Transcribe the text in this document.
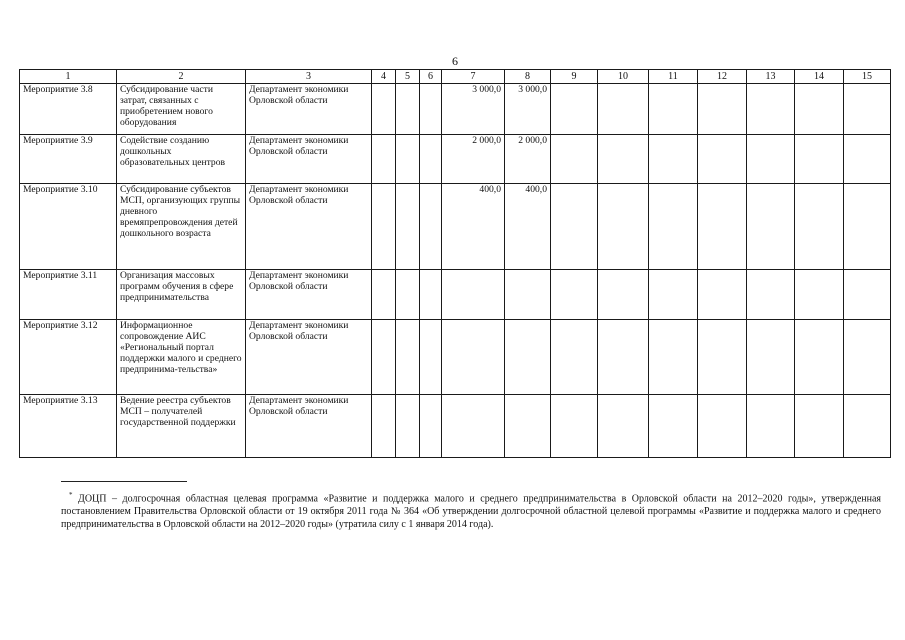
6
1	2	3	4	5	6	7	8	9	10	11	12	13	14	15
Мероприятие 3.8	Субсидирование части затрат, связанных с приобретением нового оборудования	Департамент экономики Орловской области				3 000,0	3 000,0							
Мероприятие 3.9	Содействие созданию дошкольных образовательных центров	Департамент экономики Орловской области				2 000,0	2 000,0							
Мероприятие 3.10	Субсидирование субъектов МСП, организующих группы дневного времяпрепровождения детей дошкольного возраста	Департамент экономики Орловской области				400,0	400,0							
Мероприятие 3.11	Организация массовых программ обучения в сфере предпринимательства	Департамент экономики Орловской области												
Мероприятие 3.12	Информационное сопровождение АИС «Региональный портал поддержки малого и среднего предпринима-тельства»	Департамент экономики Орловской области												
Мероприятие 3.13	Ведение реестра субъектов МСП – получателей государственной поддержки	Департамент экономики Орловской области												
* ДОЦП – долгосрочная областная целевая программа «Развитие и поддержка малого и среднего предпринимательства в Орловской области на 2012–2020 годы», утвержденная постановлением Правительства Орловской области от 19 октября 2011 года № 364 «Об утверждении долгосрочной областной целевой программы «Развитие и поддержка малого и среднего предпринимательства в Орловской области на 2012–2020 годы» (утратила силу с 1 января 2014 года).
